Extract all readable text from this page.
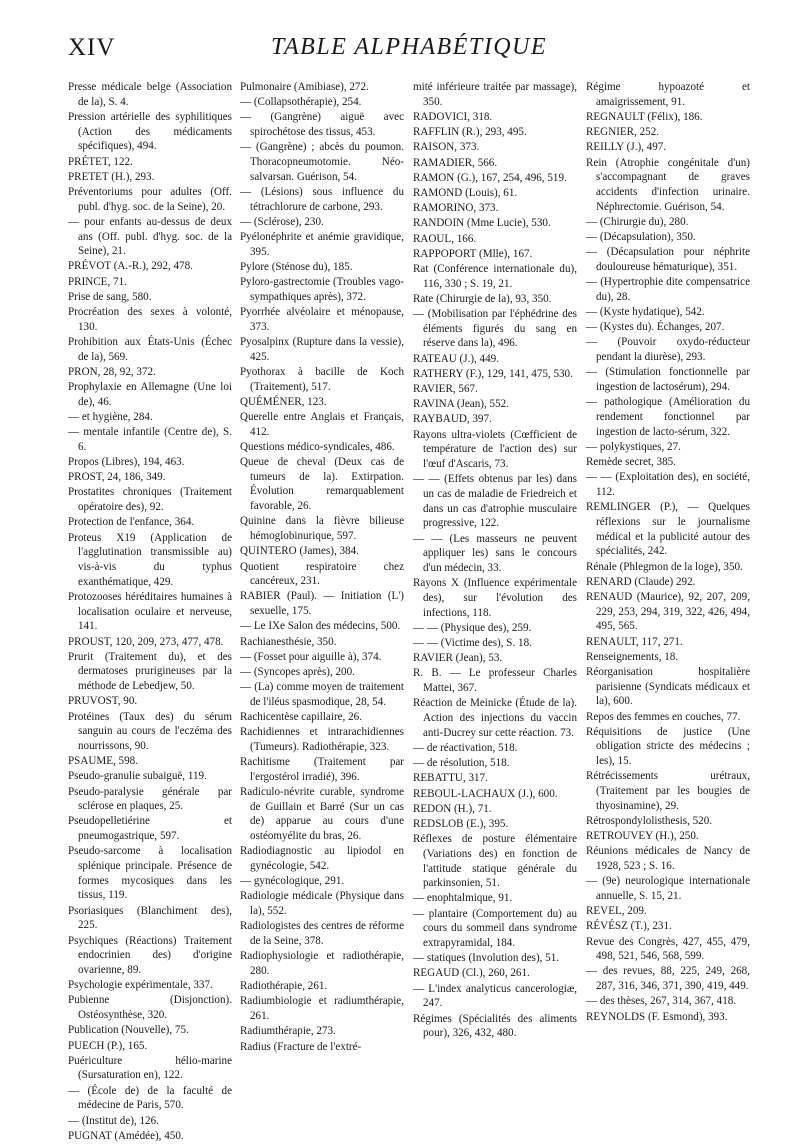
XIV	TABLE ALPHABÉTIQUE

Presse médicale belge (Association de la), S. 4.

Pression artérielle des syphilitiques (Action des médicaments spécifiques), 494.

PRÉTET, 122.

PRETET (H.), 293.

Préventoriums pour adultes (Off. publ. d'hyg. soc. de la Seine), 20.

— pour enfants au-dessus de deux ans (Off. publ. d'hyg. soc. de la Seine), 21.

PRÉVOT (A.-R.), 292, 478.

PRINCE, 71.

Prise de sang, 580.

Procréation des sexes à volonté, 130.

Prohibition aux États-Unis (Échec de la), 569.

PRON, 28, 92, 372.

Prophylaxie en Allemagne (Une loi de), 46.

— et hygiène, 284.

— mentale infantile (Centre de), S. 6.

Propos (Libres), 194, 463.

PROST, 24, 186, 349.

Prostatites chroniques (Traitement opératoire des), 92.

Protection de l'enfance, 364.

Proteus X19 (Application de l'agglutination transmissible au) vis-à-vis du typhus exanthématique, 429.

Protozooses héréditaires humaines à localisation oculaire et nerveuse, 141.

PROUST, 120, 209, 273, 477, 478.

Prurit (Traitement du), et des dermatoses prurigineuses par la méthode de Lebedjew, 50.

PRUVOST, 90.

Protéines (Taux des) du sérum sanguin au cours de l'eczéma des nourrissons, 90.

PSAUME, 598.

Pseudo-granulie subaiguë, 119.

Pseudo-paralysie générale par sclérose en plaques, 25.

Pseudopelletiérine et pneumogastrique, 597.

Pseudo-sarcome à localisation splénique principale. Présence de formes mycosiques dans les tissus, 119.

Psoriasiques (Blanchiment des), 225.

Psychiques (Réactions) Traitement endocrinien des) d'origine ovarienne, 89.

Psychologie expérimentale, 337.

Pubienne (Disjonction). Ostéosynthèse, 320.

Publication (Nouvelle), 75.

PUECH (P.), 165.

Puériculture hélio-marine (Sursaturation en), 122.

— (École de) de la faculté de médecine de Paris, 570.

— (Institut de), 126.

PUGNAT (Amédée), 450.

Pulmonaire (Amibiase), 272.

— (Collapsothérapie), 254.

— (Gangrène) aiguë avec spirochétose des tissus, 453.

— (Gangrène) ; abcès du poumon. Thoracopneumotomie. Néo-salvarsan. Guérison, 54.

— (Lésions) sous influence du tétrachlorure de carbone, 293.

— (Sclérose), 230.

Pyélonéphrite et anémie gravidique, 395.

Pylore (Sténose du), 185.

Pyloro-gastrectomie (Troubles vago-sympathiques après), 372.

Pyorrhée alvéolaire et ménopause, 373.

Pyosalpinx (Rupture dans la vessie), 425.

Pyothorax à bacille de Koch (Traitement), 517.

QUÉMÉNER, 123.

Querelle entre Anglais et Français, 412.

Questions médico-syndicales, 486.

Queue de cheval (Deux cas de tumeurs de la). Extirpation. Évolution remarquablement favorable, 26.

Quinine dans la fièvre bilieuse hémoglobinurique, 597.

QUINTERO (James), 384.

Quotient respiratoire chez cancéreux, 231.

RABIER (Paul). — Initiation (L') sexuelle, 175.

— Le IXe Salon des médecins, 500.

Rachianesthésie, 350.

— (Fosset pour aiguille à), 374.

— (Syncopes après), 200.

— (La) comme moyen de traitement de l'iléus spasmodique, 28, 54.

Rachicentèse capillaire, 26.

Rachidiennes et intrarachidiennes (Tumeurs). Radiothérapie, 323.

Rachitisme (Traitement par l'ergostérol irradié), 396.

Radiculo-névrite curable, syndrome de Guillain et Barré (Sur un cas de) apparue au cours d'une ostéomyélite du bras, 26.

Radiodiagnostic au lipiodol en gynécologie, 542.

— gynécologique, 291.

Radiologie médicale (Physique dans la), 552.

Radiologistes des centres de réforme de la Seine, 378.

Radiophysiologie et radiothérapie, 280.

Radiothérapie, 261.

Radiumbiologie et radiumthérapie, 261.

Radiumthérapie, 273.

Radius (Fracture de l'extré-

mité inférieure traitée par massage), 350.

RADOVICI, 318.

RAFFLIN (R.), 293, 495.

RAISON, 373.

RAMADIER, 566.

RAMON (G.), 167, 254, 496, 519.

RAMOND (Louis), 61.

RAMORINO, 373.

RANDOIN (Mme Lucie), 530.

RAOUL, 166.

RAPPOPORT (Mlle), 167.

Rat (Conférence internationale du), 116, 330 ; S. 19, 21.

Rate (Chirurgie de la), 93, 350.

— (Mobilisation par l'éphédrine des éléments figurés du sang en réserve dans la), 496.

RATEAU (J.), 449.

RATHERY (F.), 129, 141, 475, 530.

RAVIER, 567.

RAVINA (Jean), 552.

RAYBAUD, 397.

Rayons ultra-violets (Cœfficient de température de l'action des) sur l'œuf d'Ascaris, 73.

— — (Effets obtenus par les) dans un cas de maladie de Friedreich et dans un cas d'atrophie musculaire progressive, 122.

— — (Les masseurs ne peuvent appliquer les) sans le concours d'un médecin, 33.

Rayons X (Influence expérimentale des), sur l'évolution des infections, 118.

— — (Physique des), 259.

— — (Victime des), S. 18.

RAVIER (Jean), 53.

R. B. — Le professeur Charles Mattei, 367.

Réaction de Meinicke (Étude de la). Action des injections du vaccin anti-Ducrey sur cette réaction. 73.

— de réactivation, 518.

— de résolution, 518.

REBATTU, 317.

REBOUL-LACHAUX (J.), 600.

REDON (H.), 71.

REDSLOB (E.), 395.

Réflexes de posture élémentaire (Variations des) en fonction de l'attitude statique générale du parkinsonien, 51.

— enophtalmique, 91.

— plantaire (Comportement du) au cours du sommeil dans syndrome extrapyramidal, 184.

— statiques (Involution des), 51.

REGAUD (Cl.), 260, 261.

— L'index analyticus cancerologiæ, 247.

Régimes (Spécialités des aliments pour), 326, 432, 480.

Régime hypoazoté et amaigrissement, 91.

REGNAULT (Félix), 186.

REGNIER, 252.

REILLY (J.), 497.

Rein (Atrophie congénitale d'un) s'accompagnant de graves accidents d'infection urinaire. Néphrectomie. Guérison, 54.

— (Chirurgie du), 280.

— (Décapsulation), 350.

— (Décapsulation pour néphrite douloureuse hématurique), 351.

— (Hypertrophie dite compensatrice du), 28.

— (Kyste hydatique), 542.

— (Kystes du). Échanges, 207.

— (Pouvoir oxydo-réducteur pendant la diurèse), 293.

— (Stimulation fonctionnelle par ingestion de lactosérum), 294.

— pathologique (Amélioration du rendement fonctionnel par ingestion de lacto-sérum, 322.

— polykystiques, 27.

Remède secret, 385.

— — (Exploitation des), en société, 112.

REMLINGER (P.), — Quelques réflexions sur le journalisme médical et la publicité autour des spécialités, 242.

Rénale (Phlegmon de la loge), 350.

RENARD (Claude) 292.

RENAUD (Maurice), 92, 207, 209, 229, 253, 294, 319, 322, 426, 494, 495, 565.

RENAULT, 117, 271.

Renseignements, 18.

Réorganisation hospitalière parisienne (Syndicats médicaux et la), 600.

Repos des femmes en couches, 77.

Réquisitions de justice (Une obligation stricte des médecins ; les), 15.

Rétrécissements urétraux, (Traitement par les bougies de thyosinamine), 29.

Rétrospondylolisthesis, 520.

RETROUVEY (H.), 250.

Réunions médicales de Nancy de 1928, 523 ; S. 16.

— (9e) neurologique internationale annuelle, S. 15, 21.

REVEL, 209.

RÉVÉSZ (T.), 231.

Revue des Congrès, 427, 455, 479, 498, 521, 546, 568, 599.

— des revues, 88, 225, 249, 268, 287, 316, 346, 371, 390, 419, 449.

— des thèses, 267, 314, 367, 418.

REYNOLDS (F. Esmond), 393.
